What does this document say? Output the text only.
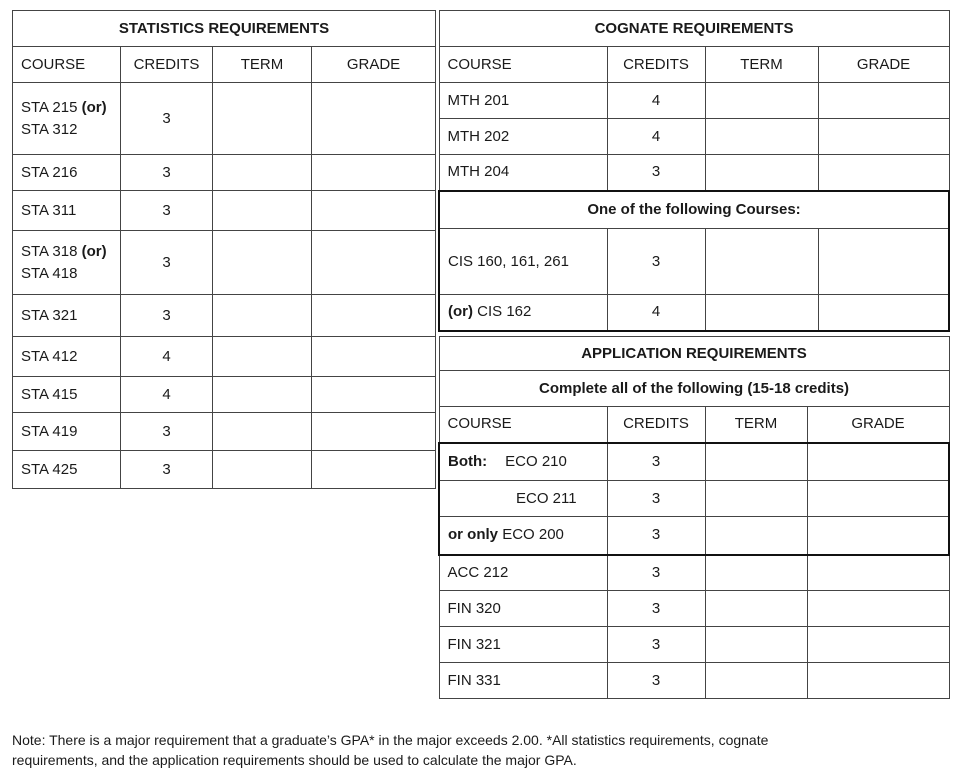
STATISTICS REQUIREMENTS			
COURSE	CREDITS	TERM	GRADE
STA 215 (or)
STA 312	3		
STA 216	3		
STA 311	3		
STA 318 (or)
STA 418	3		
STA 321	3		
STA 412	4		
STA 415	4		
STA 419	3		
STA 425	3		
COGNATE REQUIREMENTS			
COURSE	CREDITS	TERM	GRADE
MTH 201	4		
MTH 202	4		
MTH 204	3		
One of the following Courses:			
CIS 160, 161, 261	3		
(or) CIS 162	4		
APPLICATION REQUIREMENTS			
Complete all of the following (15-18 credits)			
COURSE	CREDITS	TERM	GRADE
Both: ECO 210	3		
ECO 211	3		
or only ECO 200	3		
ACC 212	3		
FIN 320	3		
FIN 321	3		
FIN 331	3		
Note: There is a major requirement that a graduate’s GPA* in the major exceeds 2.00. *All statistics requirements, cognate
requirements, and the application requirements should be used to calculate the major GPA.
